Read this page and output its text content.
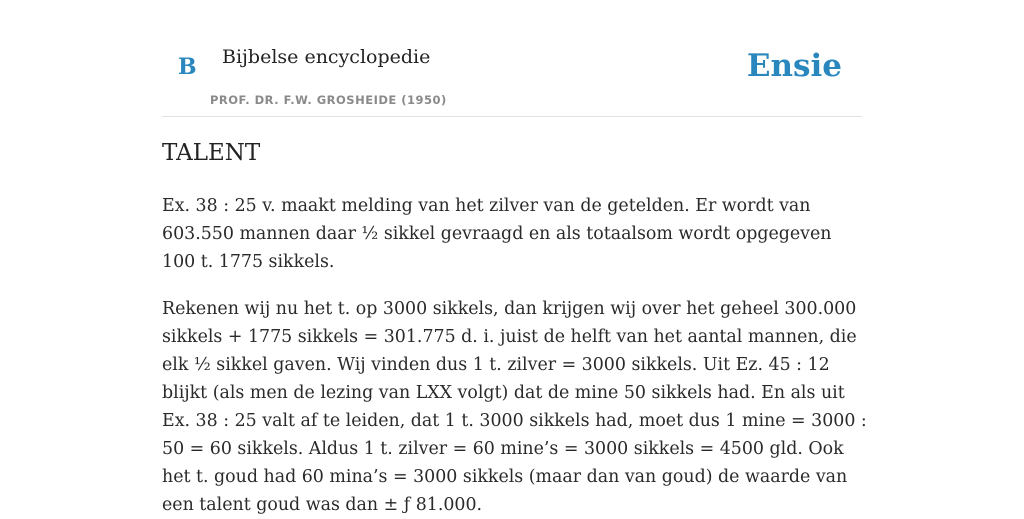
B Bijbelse encyclopedie
PROF. DR. F.W. GROSHEIDE (1950)
Ensie
TALENT

Ex. 38 : 25 v. maakt melding van het zilver van de getelden. Er wordt van 603.550 mannen daar ½ sikkel gevraagd en als totaalsom wordt opgegeven 100 t. 1775 sikkels.

Rekenen wij nu het t. op 3000 sikkels, dan krijgen wij over het geheel 300.000 sikkels + 1775 sikkels = 301.775 d. i. juist de helft van het aantal mannen, die elk ½ sikkel gaven. Wij vinden dus 1 t. zilver = 3000 sikkels. Uit Ez. 45 : 12 blijkt (als men de lezing van LXX volgt) dat de mine 50 sikkels had. En als uit Ex. 38 : 25 valt af te leiden, dat 1 t. 3000 sikkels had, moet dus 1 mine = 3000 : 50 = 60 sikkels. Aldus 1 t. zilver = 60 mine’s = 3000 sikkels = 4500 gld. Ook het t. goud had 60 mina’s = 3000 sikkels (maar dan van goud) de waarde van een talent goud was dan ± ƒ 81.000.
